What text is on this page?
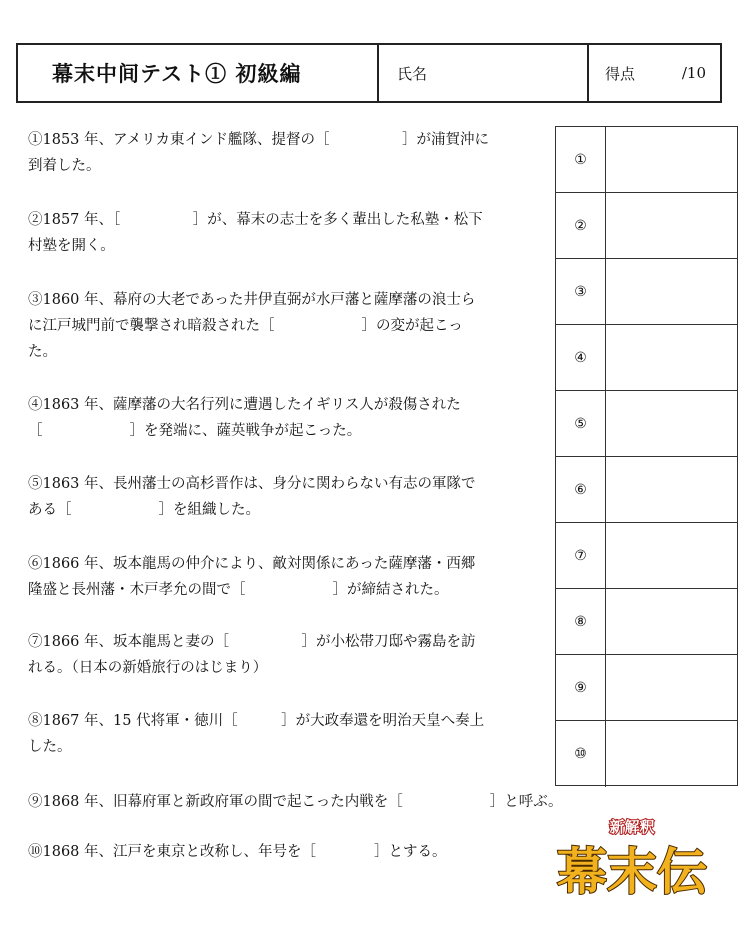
幕末中间テスト① 初級編	氏名	得点	/10

①1853 年、アメリカ東インド艦隊、提督の［　　　　　］が浦賀沖に
到着した。

②1857 年、［　　　　　］が、幕末の志士を多く輩出した私塾・松下
村塾を開く。

③1860 年、幕府の大老であった井伊直弼が水戸藩と薩摩藩の浪士ら
に江戸城門前で襲撃され暗殺された［　　　　　　］の変が起こっ
た。

④1863 年、薩摩藩の大名行列に遭遇したイギリス人が殺傷された
［　　　　　　］を発端に、薩英戦争が起こった。

⑤1863 年、長州藩士の高杉晋作は、身分に関わらない有志の軍隊で
ある［　　　　　　］を組織した。

⑥1866 年、坂本龍馬の仲介により、敵対関係にあった薩摩藩・西郷
隆盛と長州藩・木戸孝允の間で［　　　　　　］が締結された。

⑦1866 年、坂本龍馬と妻の［　　　　　］が小松帯刀邸や霧島を訪
れる。（日本の新婚旅行のはじまり）

⑧1867 年、15 代将軍・徳川［　　　］が大政奉還を明治天皇へ奏上
した。

⑨1868 年、旧幕府軍と新政府軍の間で起こった内戦を［　　　　　　］と呼ぶ。

⑩1868 年、江戸を東京と改称し、年号を［　　　　］とする。

①
②
③
④
⑤
⑥
⑦
⑧
⑨
⑩
新解釈
幕末伝
